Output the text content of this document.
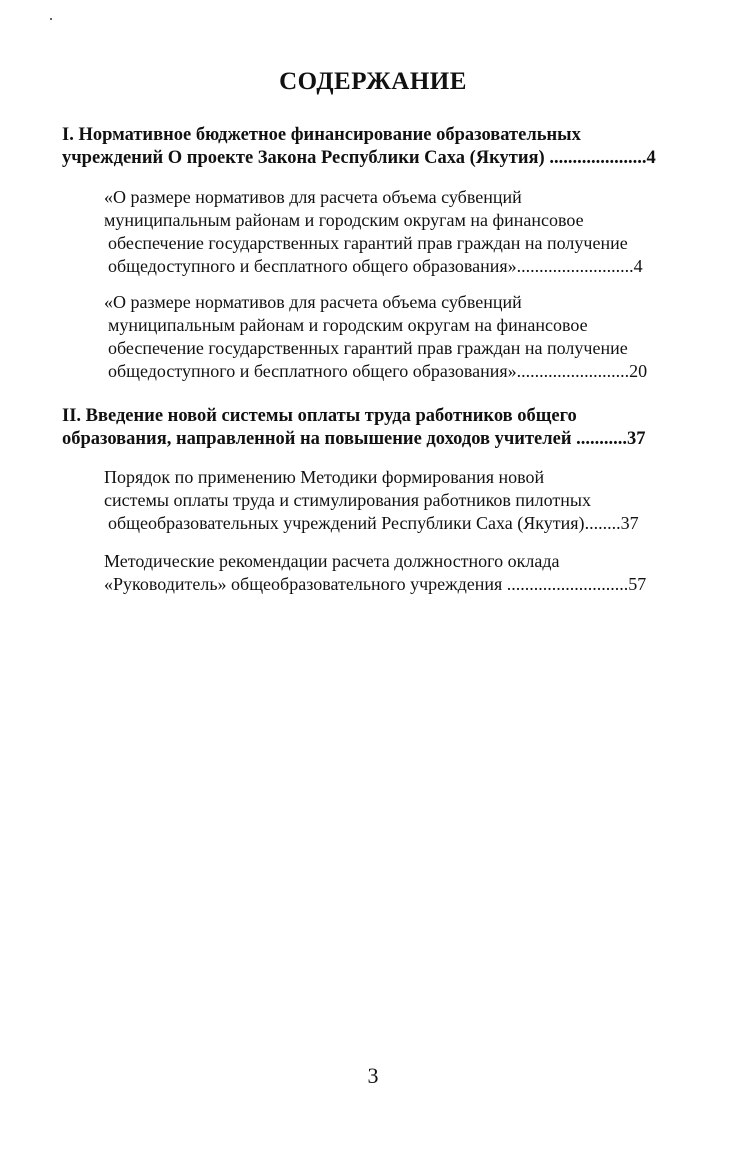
СОДЕРЖАНИЕ
I. Нормативное бюджетное финансирование образовательных
учреждений О проекте Закона Республики Саха (Якутия) .....................4
«О размере нормативов для расчета объема субвенций
муниципальным районам и городским округам на финансовое
обеспечение государственных гарантий прав граждан на получение
общедоступного и бесплатного общего образования»..........................4
«О размере нормативов для расчета объема субвенций
муниципальным районам и городским округам на финансовое
обеспечение государственных гарантий прав граждан на получение
общедоступного и бесплатного общего образования».........................20
II. Введение новой системы оплаты труда работников общего
образования, направленной на повышение доходов учителей ...........37
Порядок по применению Методики формирования новой
системы оплаты труда и стимулирования работников пилотных
общеобразовательных учреждений Республики Саха (Якутия)........37
Методические рекомендации расчета должностного оклада
«Руководитель» общеобразовательного учреждения ...........................57
3
